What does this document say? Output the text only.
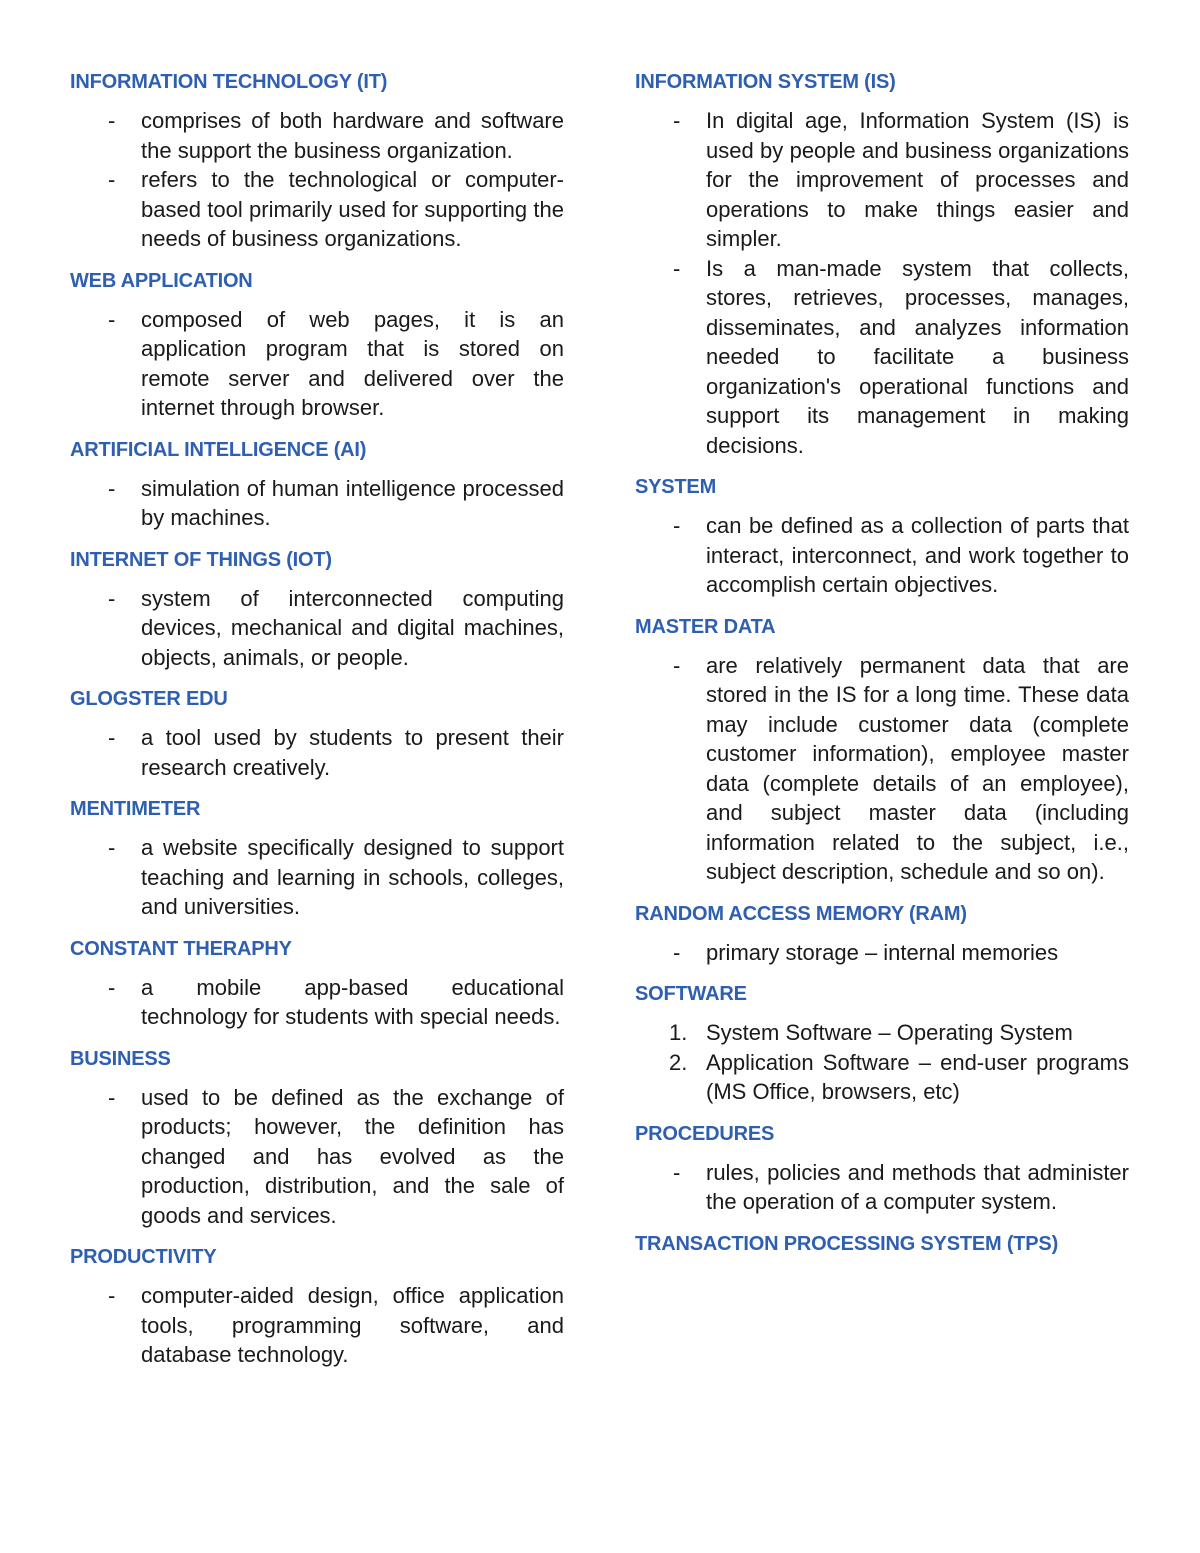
INFORMATION TECHNOLOGY (IT)
- comprises of both hardware and software the support the business organization.
- refers to the technological or computer-based tool primarily used for supporting the needs of business organizations.
WEB APPLICATION
- composed of web pages, it is an application program that is stored on remote server and delivered over the internet through browser.
ARTIFICIAL INTELLIGENCE (AI)
- simulation of human intelligence processed by machines.
INTERNET OF THINGS (IOT)
- system of interconnected computing devices, mechanical and digital machines, objects, animals, or people.
GLOGSTER EDU
- a tool used by students to present their research creatively.
MENTIMETER
- a website specifically designed to support teaching and learning in schools, colleges, and universities.
CONSTANT THERAPHY
- a mobile app-based educational technology for students with special needs.
BUSINESS
- used to be defined as the exchange of products; however, the definition has changed and has evolved as the production, distribution, and the sale of goods and services.
PRODUCTIVITY
- computer-aided design, office application tools, programming software, and database technology.
INFORMATION SYSTEM (IS)
- In digital age, Information System (IS) is used by people and business organizations for the improvement of processes and operations to make things easier and simpler.
- Is a man-made system that collects, stores, retrieves, processes, manages, disseminates, and analyzes information needed to facilitate a business organization's operational functions and support its management in making decisions.
SYSTEM
- can be defined as a collection of parts that interact, interconnect, and work together to accomplish certain objectives.
MASTER DATA
- are relatively permanent data that are stored in the IS for a long time. These data may include customer data (complete customer information), employee master data (complete details of an employee), and subject master data (including information related to the subject, i.e., subject description, schedule and so on).
RANDOM ACCESS MEMORY (RAM)
- primary storage – internal memories
SOFTWARE
1. System Software – Operating System
2. Application Software – end-user programs (MS Office, browsers, etc)
PROCEDURES
- rules, policies and methods that administer the operation of a computer system.
TRANSACTION PROCESSING SYSTEM (TPS)
